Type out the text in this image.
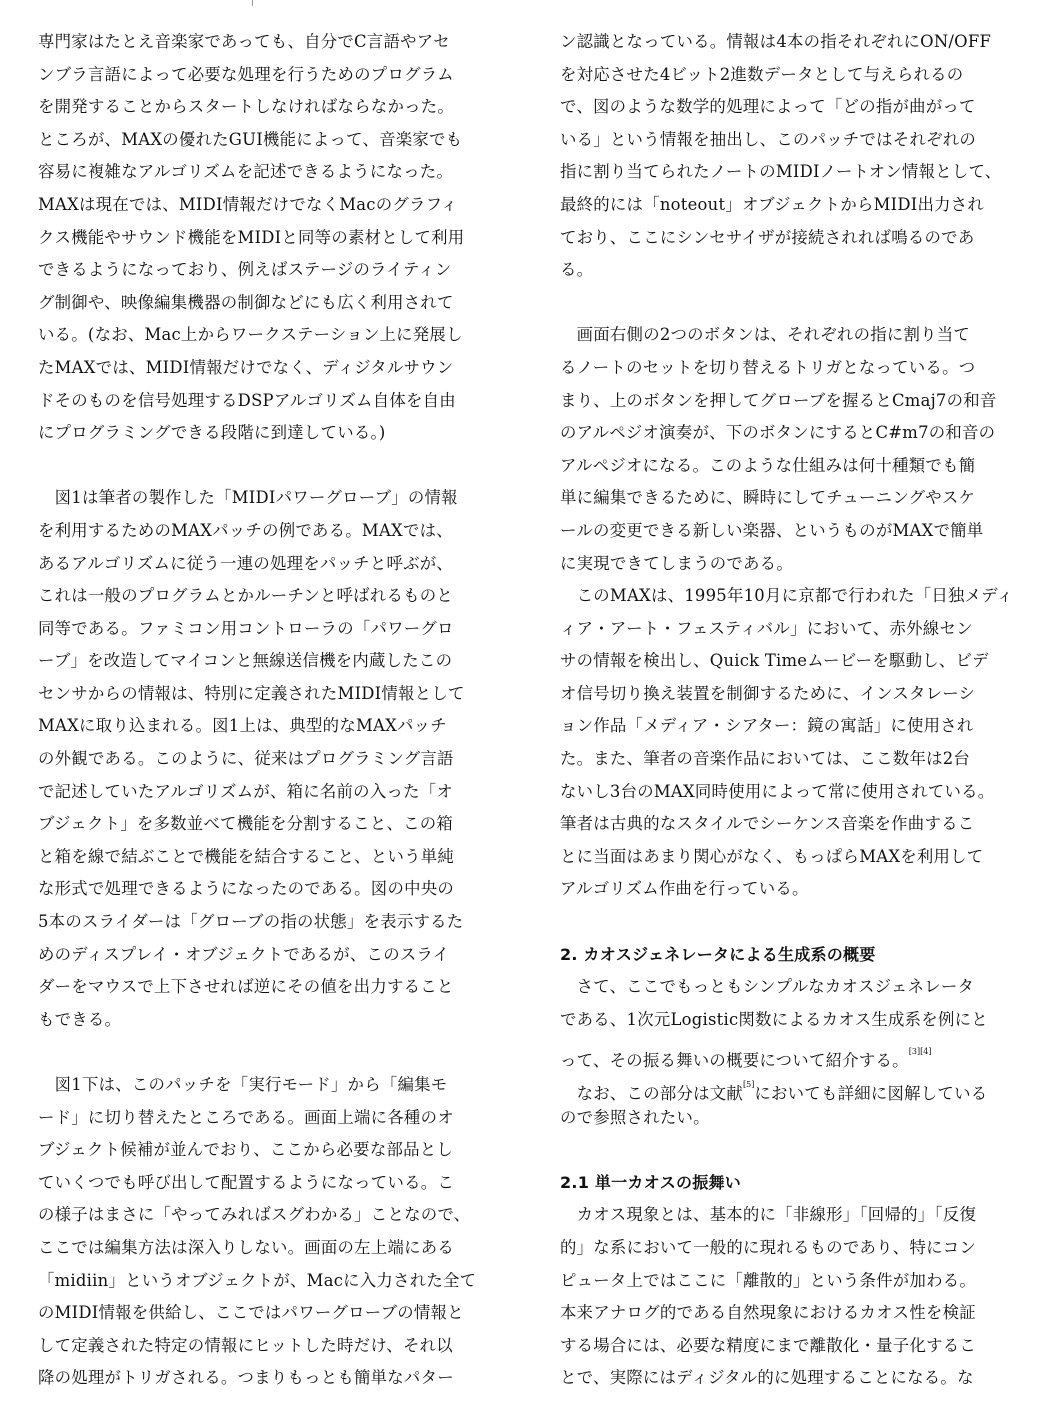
専門家はたとえ音楽家であっても、自分でC言語やアセ
ンブラ言語によって必要な処理を行うためのプログラム
を開発することからスタートしなければならなかった。
ところが、MAXの優れたGUI機能によって、音楽家でも
容易に複雑なアルゴリズムを記述できるようになった。
MAXは現在では、MIDI情報だけでなくMacのグラフィ
クス機能やサウンド機能をMIDIと同等の素材として利用
できるようになっており、例えばステージのライティン
グ制御や、映像編集機器の制御などにも広く利用されて
いる。(なお、Mac上からワークステーション上に発展し
たMAXでは、MIDI情報だけでなく、ディジタルサウン
ドそのものを信号処理するDSPアルゴリズム自体を自由
にプログラミングできる段階に到達している。)
　図1は筆者の製作した「MIDIパワーグローブ」の情報
を利用するためのMAXパッチの例である。MAXでは、
あるアルゴリズムに従う一連の処理をパッチと呼ぶが、
これは一般のプログラムとかルーチンと呼ばれるものと
同等である。ファミコン用コントローラの「パワーグロ
ーブ」を改造してマイコンと無線送信機を内蔵したこの
センサからの情報は、特別に定義されたMIDI情報として
MAXに取り込まれる。図1上は、典型的なMAXパッチ
の外観である。このように、従来はプログラミング言語
で記述していたアルゴリズムが、箱に名前の入った「オ
ブジェクト」を多数並べて機能を分割すること、この箱
と箱を線で結ぶことで機能を結合すること、という単純
な形式で処理できるようになったのである。図の中央の
5本のスライダーは「グローブの指の状態」を表示するた
めのディスプレイ・オブジェクトであるが、このスライ
ダーをマウスで上下させれば逆にその値を出力すること
もできる。
　図1下は、このパッチを「実行モード」から「編集モ
ード」に切り替えたところである。画面上端に各種のオ
ブジェクト候補が並んでおり、ここから必要な部品とし
ていくつでも呼び出して配置するようになっている。こ
の様子はまさに「やってみればスグわかる」ことなので、
ここでは編集方法は深入りしない。画面の左上端にある
「midiin」というオブジェクトが、Macに入力された全て
のMIDI情報を供給し、ここではパワーグローブの情報と
して定義された特定の情報にヒットした時だけ、それ以
降の処理がトリガされる。つまりもっとも簡単なパター
ン認識となっている。情報は4本の指それぞれにON/OFF
を対応させた4ビット2進数データとして与えられるの
で、図のような数学的処理によって「どの指が曲がって
いる」という情報を抽出し、このパッチではそれぞれの
指に割り当てられたノートのMIDIノートオン情報として、
最終的には「noteout」オブジェクトからMIDI出力され
ており、ここにシンセサイザが接続されれば鳴るのであ
る。
　画面右側の2つのボタンは、それぞれの指に割り当て
るノートのセットを切り替えるトリガとなっている。つ
まり、上のボタンを押してグローブを握るとCmaj7の和音
のアルペジオ演奏が、下のボタンにするとC#m7の和音の
アルペジオになる。このような仕組みは何十種類でも簡
単に編集できるために、瞬時にしてチューニングやスケ
ールの変更できる新しい楽器、というものがMAXで簡単
に実現できてしまうのである。
　このMAXは、1995年10月に京都で行われた「日独メディ
ィア・アート・フェスティバル」において、赤外線セン
サの情報を検出し、Quick Timeムービーを駆動し、ビデ
オ信号切り換え装置を制御するために、インスタレーシ
ョン作品「メディア・シアター：鏡の寓話」に使用され
た。また、筆者の音楽作品においては、ここ数年は2台
ないし3台のMAX同時使用によって常に使用されている。
筆者は古典的なスタイルでシーケンス音楽を作曲するこ
とに当面はあまり関心がなく、もっぱらMAXを利用して
アルゴリズム作曲を行っている。
2. カオスジェネレータによる生成系の概要
　さて、ここでもっともシンプルなカオスジェネレータ
である、1次元Logistic関数によるカオス生成系を例にと
って、その振る舞いの概要について紹介する。[3][4]
　なお、この部分は文献[5]においても詳細に図解している
ので参照されたい。
2.1 単一カオスの振舞い
　カオス現象とは、基本的に「非線形」「回帰的」「反復
的」な系において一般的に現れるものであり、特にコン
ピュータ上ではここに「離散的」という条件が加わる。
本来アナログ的である自然現象におけるカオス性を検証
する場合には、必要な精度にまで離散化・量子化するこ
とで、実際にはディジタル的に処理することになる。な
